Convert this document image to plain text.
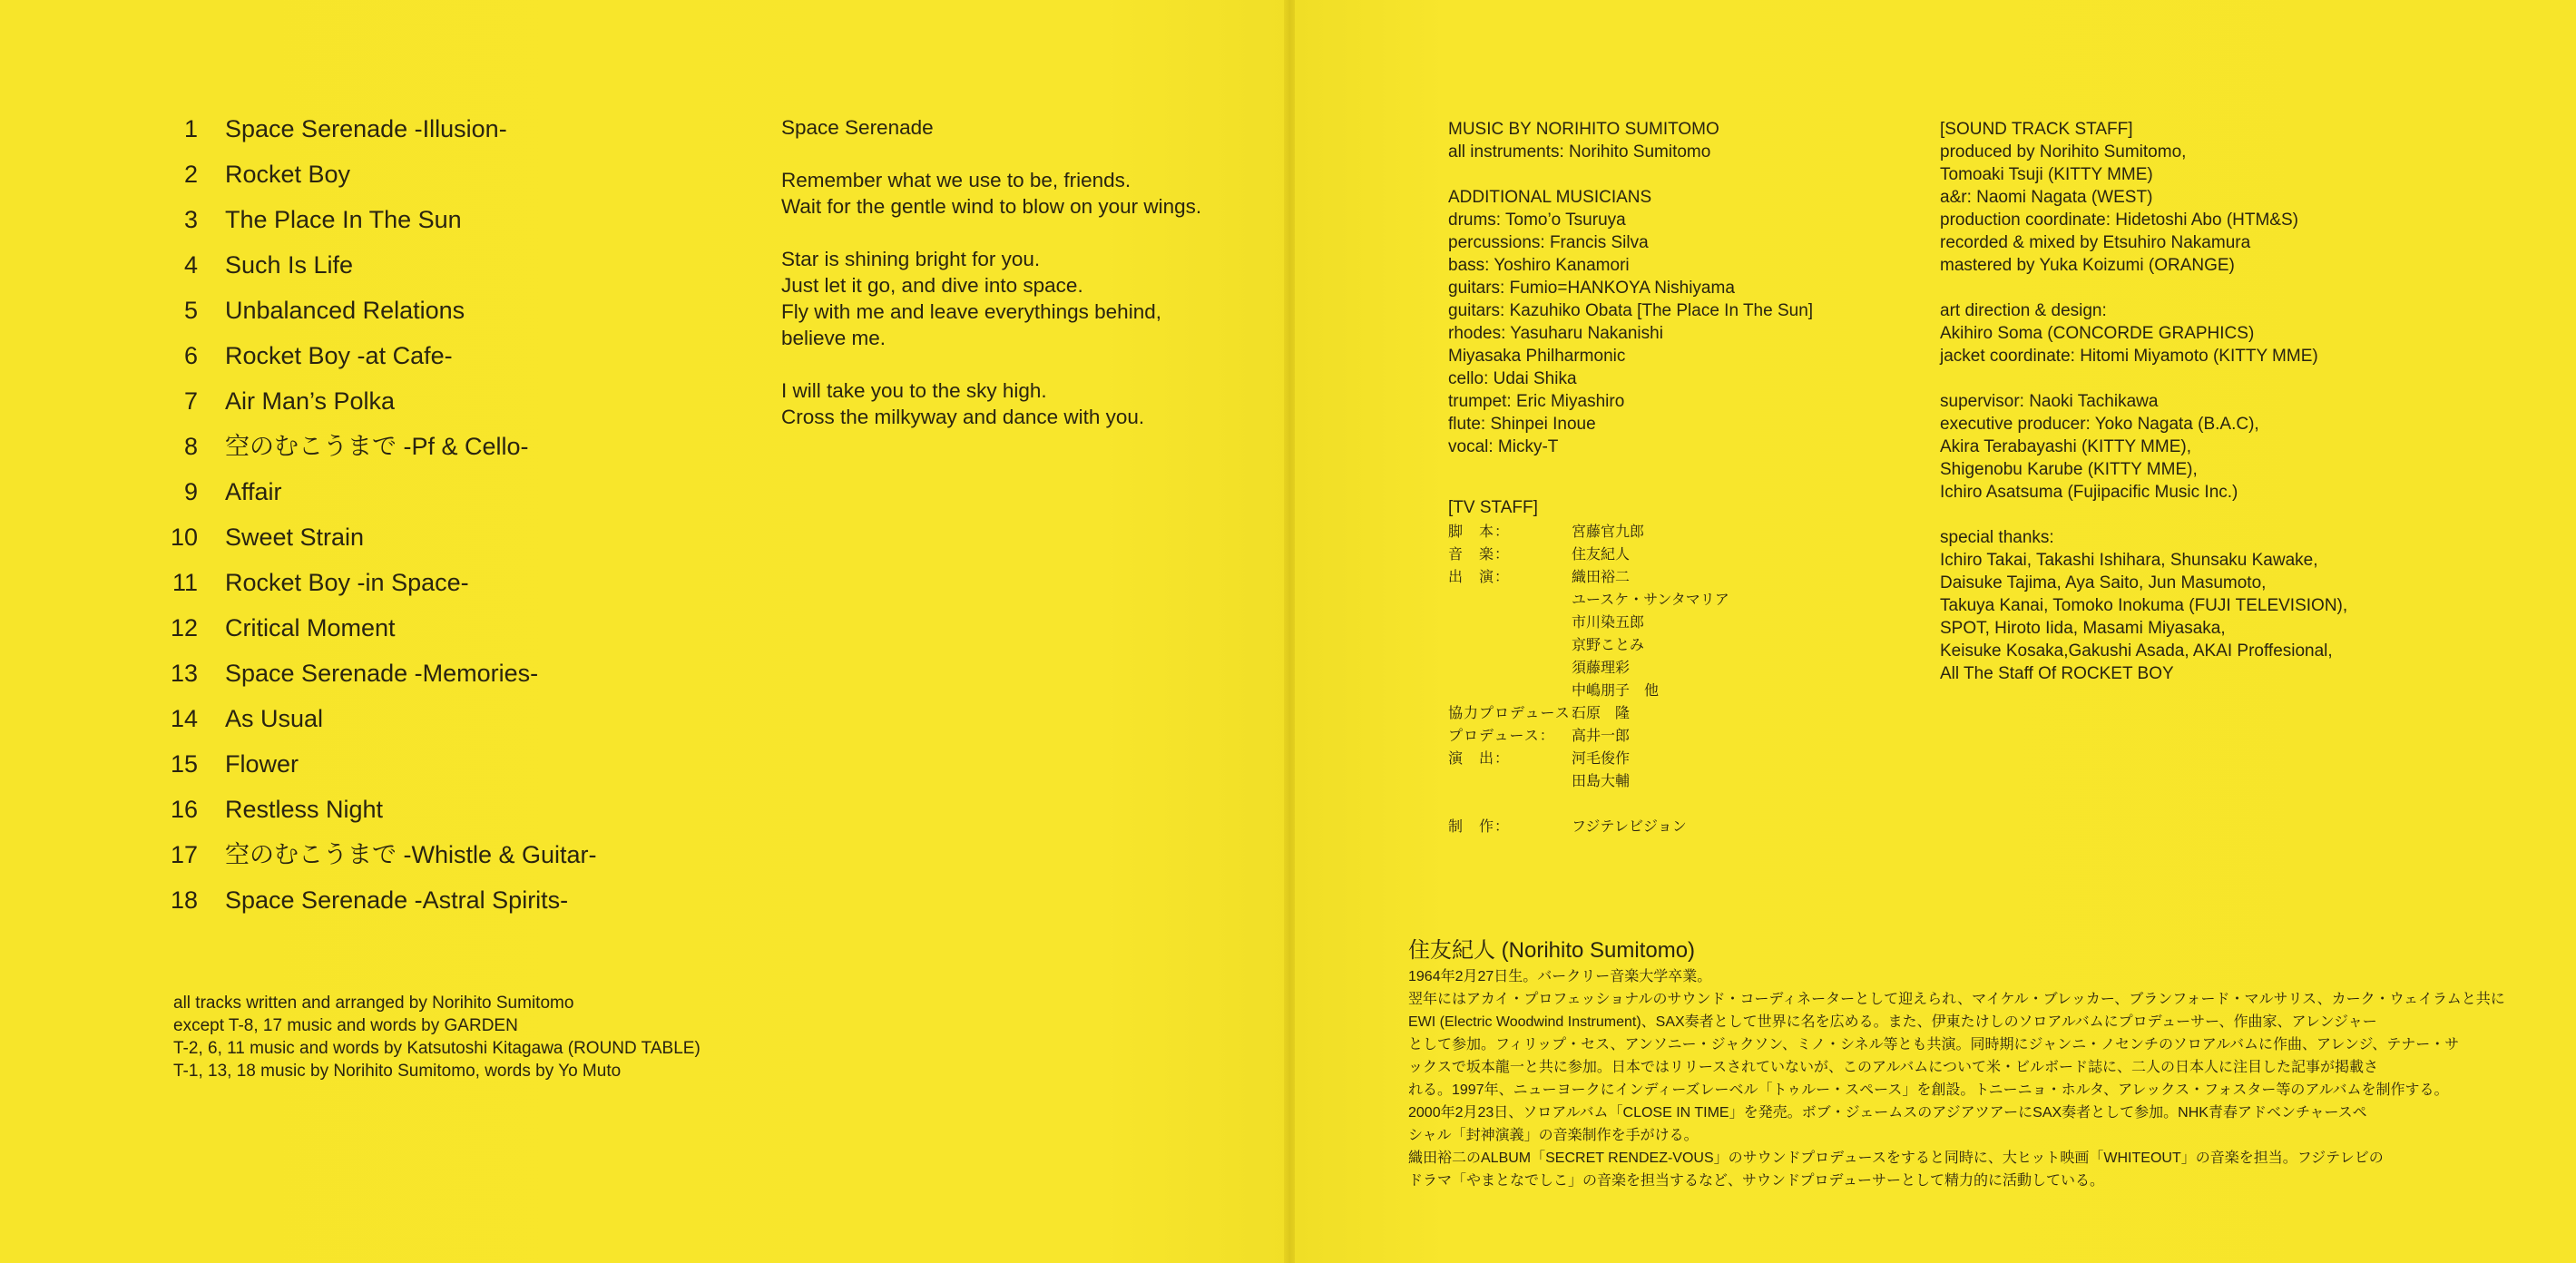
1 Space Serenade -Illusion-
2 Rocket Boy
3 The Place In The Sun
4 Such Is Life
5 Unbalanced Relations
6 Rocket Boy -at Cafe-
7 Air Man’s Polka
8 空のむこうまで -Pf & Cello-
9 Affair
10 Sweet Strain
11 Rocket Boy -in Space-
12 Critical Moment
13 Space Serenade -Memories-
14 As Usual
15 Flower
16 Restless Night
17 空のむこうまで -Whistle & Guitar-
18 Space Serenade -Astral Spirits-
Space Serenade
Remember what we use to be, friends.
Wait for the gentle wind to blow on your wings.
Star is shining bright for you.
Just let it go, and dive into space.
Fly with me and leave everythings behind,
believe me.
I will take you to the sky high.
Cross the milkyway and dance with you.
all tracks written and arranged by Norihito Sumitomo
except T-8, 17 music and words by GARDEN
T-2, 6, 11 music and words by Katsutoshi Kitagawa (ROUND TABLE)
T-1, 13, 18 music by Norihito Sumitomo, words by Yo Muto
MUSIC BY NORIHITO SUMITOMO
all instruments: Norihito Sumitomo
ADDITIONAL MUSICIANS
drums: Tomo’o Tsuruya
percussions: Francis Silva
bass: Yoshiro Kanamori
guitars: Fumio=HANKOYA Nishiyama
guitars: Kazuhiko Obata [The Place In The Sun]
rhodes: Yasuharu Nakanishi
Miyasaka Philharmonic
cello: Udai Shika
trumpet: Eric Miyashiro
flute: Shinpei Inoue
vocal: Micky-T
[TV STAFF]
脚　本：	宮藤官九郎
音　楽：	住友紀人
出　演：	織田裕二
ユースケ・サンタマリア
市川染五郎
京野ことみ
須藤理彩
中嶋朋子　他
協力プロデュース：石原　隆
プロデュース： 高井一郎
演　出：	河毛俊作
田島大輔
制　作：	フジテレビジョン
[SOUND TRACK STAFF]
produced by Norihito Sumitomo,
Tomoaki Tsuji (KITTY MME)
a&r: Naomi Nagata (WEST)
production coordinate: Hidetoshi Abo (HTM&S)
recorded & mixed by Etsuhiro Nakamura
mastered by Yuka Koizumi (ORANGE)
art direction & design:
Akihiro Soma (CONCORDE GRAPHICS)
jacket coordinate: Hitomi Miyamoto (KITTY MME)
supervisor: Naoki Tachikawa
executive producer: Yoko Nagata (B.A.C),
Akira Terabayashi (KITTY MME),
Shigenobu Karube (KITTY MME),
Ichiro Asatsuma (Fujipacific Music Inc.)
special thanks:
Ichiro Takai, Takashi Ishihara, Shunsaku Kawake,
Daisuke Tajima, Aya Saito, Jun Masumoto,
Takuya Kanai, Tomoko Inokuma (FUJI TELEVISION),
SPOT, Hiroto Iida, Masami Miyasaka,
Keisuke Kosaka,Gakushi Asada, AKAI Proffesional,
All The Staff Of ROCKET BOY
住友紀人 (Norihito Sumitomo)
1964年2月27日生。バークリー音楽大学卒業。
翌年にはアカイ・プロフェッショナルのサウンド・コーディネーターとして迎えられ、マイケル・ブレッカー、ブランフォード・マルサリス、カーク・ウェイラムと共に
EWI (Electric Woodwind Instrument)、SAX奏者として世界に名を広める。また、伊東たけしのソロアルバムにプロデューサー、作曲家、アレンジャー
として参加。フィリップ・セス、アンソニー・ジャクソン、ミノ・シネル等とも共演。同時期にジャンニ・ノセンチのソロアルバムに作曲、アレンジ、テナー・サ
ックスで坂本龍一と共に参加。日本ではリリースされていないが、このアルバムについて米・ビルボード誌に、二人の日本人に注目した記事が掲載さ
れる。1997年、ニューヨークにインディーズレーベル「トゥルー・スペース」を創設。トニーニョ・ホルタ、アレックス・フォスター等のアルバムを制作する。
2000年2月23日、ソロアルバム「CLOSE IN TIME」を発売。ボブ・ジェームスのアジアツアーにSAX奏者として参加。NHK青春アドベンチャースペ
シャル「封神演義」の音楽制作を手がける。
織田裕二のALBUM「SECRET RENDEZ-VOUS」のサウンドプロデュースをすると同時に、大ヒット映画「WHITEOUT」の音楽を担当。フジテレビの
ドラマ「やまとなでしこ」の音楽を担当するなど、サウンドプロデューサーとして精力的に活動している。
